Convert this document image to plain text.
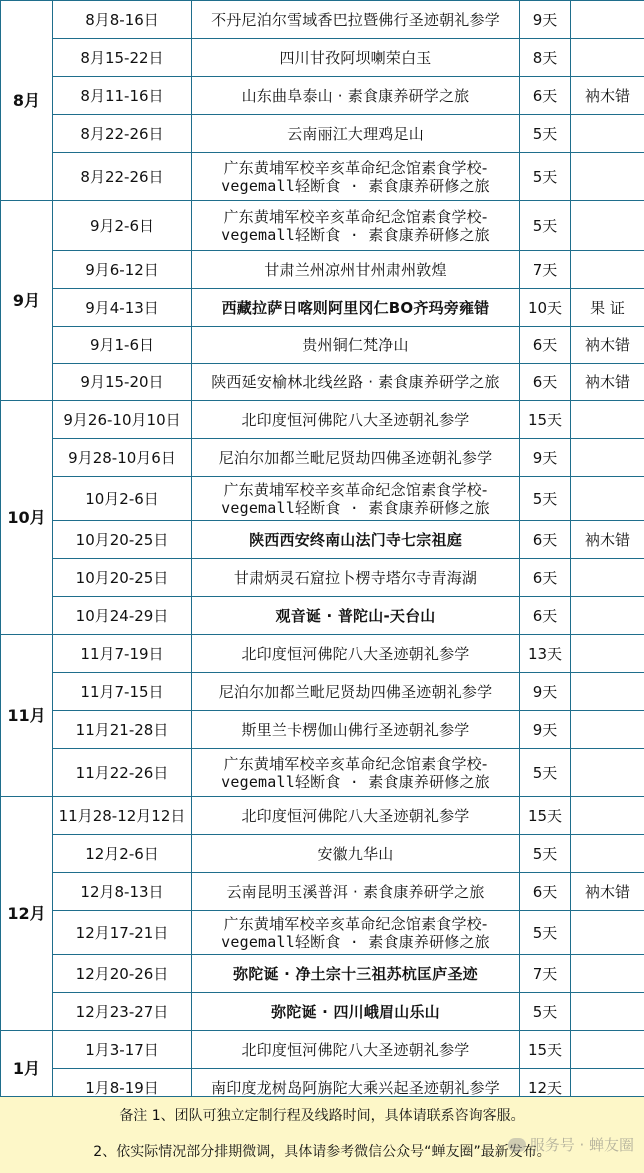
8月	8月8-16日	不丹尼泊尔雪域香巴拉暨佛行圣迹朝礼参学	9天	
	8月15-22日	四川甘孜阿坝喇荣白玉	8天	
	8月11-16日	山东曲阜泰山 · 素食康养研学之旅	6天	衲木错
	8月22-26日	云南丽江大理鸡足山	5天	
	8月22-26日	广东黄埔军校辛亥革命纪念馆素食学校-
vegemall轻断食 · 素食康养研修之旅	5天	
9月	9月2-6日	广东黄埔军校辛亥革命纪念馆素食学校-
vegemall轻断食 · 素食康养研修之旅	5天	
	9月6-12日	甘肃兰州凉州甘州肃州敦煌	7天	
	9月4-13日	西藏拉萨日喀则阿里冈仁BO齐玛旁雍错	10天	果 证
	9月1-6日	贵州铜仁梵净山	6天	衲木错
	9月15-20日	陕西延安榆林北线丝路 · 素食康养研学之旅	6天	衲木错
10月	9月26-10月10日	北印度恒河佛陀八大圣迹朝礼参学	15天	
	9月28-10月6日	尼泊尔加都兰毗尼贤劫四佛圣迹朝礼参学	9天	
	10月2-6日	广东黄埔军校辛亥革命纪念馆素食学校-
vegemall轻断食 · 素食康养研修之旅	5天	
	10月20-25日	陕西西安终南山法门寺七宗祖庭	6天	衲木错
	10月20-25日	甘肃炳灵石窟拉卜楞寺塔尔寺青海湖	6天	
	10月24-29日	观音诞 · 普陀山-天台山	6天	
11月	11月7-19日	北印度恒河佛陀八大圣迹朝礼参学	13天	
	11月7-15日	尼泊尔加都兰毗尼贤劫四佛圣迹朝礼参学	9天	
	11月21-28日	斯里兰卡楞伽山佛行圣迹朝礼参学	9天	
	11月22-26日	广东黄埔军校辛亥革命纪念馆素食学校-
vegemall轻断食 · 素食康养研修之旅	5天	
12月	11月28-12月12日	北印度恒河佛陀八大圣迹朝礼参学	15天	
	12月2-6日	安徽九华山	5天	
	12月8-13日	云南昆明玉溪普洱 · 素食康养研学之旅	6天	衲木错
	12月17-21日	广东黄埔军校辛亥革命纪念馆素食学校-
vegemall轻断食 · 素食康养研修之旅	5天	
	12月20-26日	弥陀诞 · 净土宗十三祖苏杭匡庐圣迹	7天	
	12月23-27日	弥陀诞 · 四川峨眉山乐山	5天	
1月	1月3-17日	北印度恒河佛陀八大圣迹朝礼参学	15天	
	1月8-19日	南印度龙树岛阿旃陀大乘兴起圣迹朝礼参学	12天	
备注 1、团队可独立定制行程及线路时间，具体请联系咨询客服。
2、依实际情况部分排期微调，具体请参考微信公众号“蝉友圈”最新发布。
服务号 · 蝉友圈
